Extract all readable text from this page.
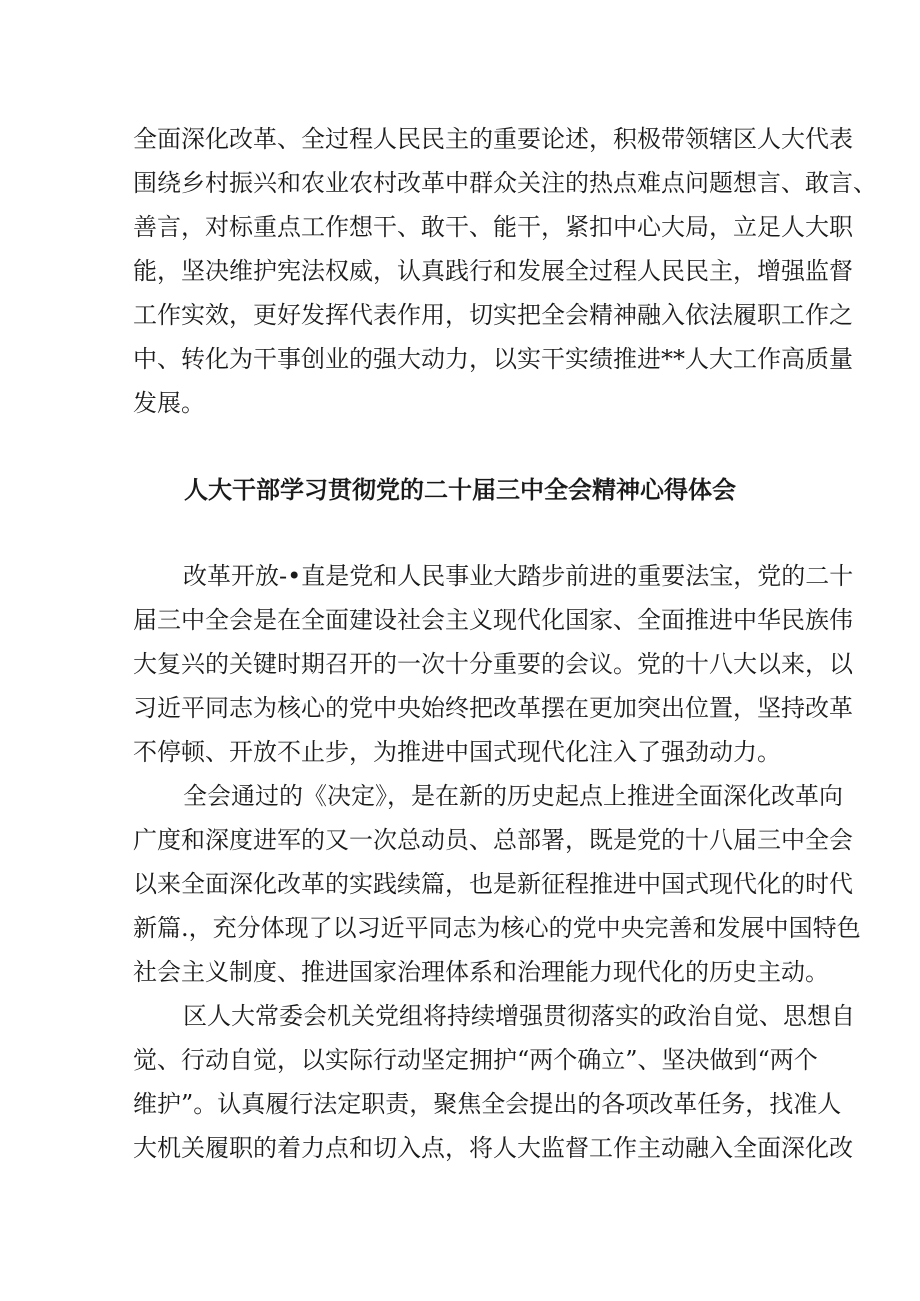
全面深化改革、全过程人民民主的重要论述，积极带领辖区人大代表
围绕乡村振兴和农业农村改革中群众关注的热点难点问题想言、敢言、
善言，对标重点工作想干、敢干、能干，紧扣中心大局，立足人大职
能，坚决维护宪法权威，认真践行和发展全过程人民民主，增强监督
工作实效，更好发挥代表作用，切实把全会精神融入依法履职工作之
中、转化为干事创业的强大动力，以实干实绩推进**人大工作高质量
发展。
人大干部学习贯彻党的二十届三中全会精神心得体会
改革开放-•直是党和人民事业大踏步前进的重要法宝，党的二十
届三中全会是在全面建设社会主义现代化国家、全面推进中华民族伟
大复兴的关键时期召开的一次十分重要的会议。党的十八大以来，以
习近平同志为核心的党中央始终把改革摆在更加突出位置，坚持改革
不停顿、开放不止步，为推进中国式现代化注入了强劲动力。
全会通过的《决定》，是在新的历史起点上推进全面深化改革向
广度和深度进军的又一次总动员、总部署，既是党的十八届三中全会
以来全面深化改革的实践续篇，也是新征程推进中国式现代化的时代
新篇.，充分体现了以习近平同志为核心的党中央完善和发展中国特色
社会主义制度、推进国家治理体系和治理能力现代化的历史主动。
区人大常委会机关党组将持续增强贯彻落实的政治自觉、思想自
觉、行动自觉，以实际行动坚定拥护“两个确立”、坚决做到“两个
维护”。认真履行法定职责，聚焦全会提出的各项改革任务，找准人
大机关履职的着力点和切入点，将人大监督工作主动融入全面深化改
